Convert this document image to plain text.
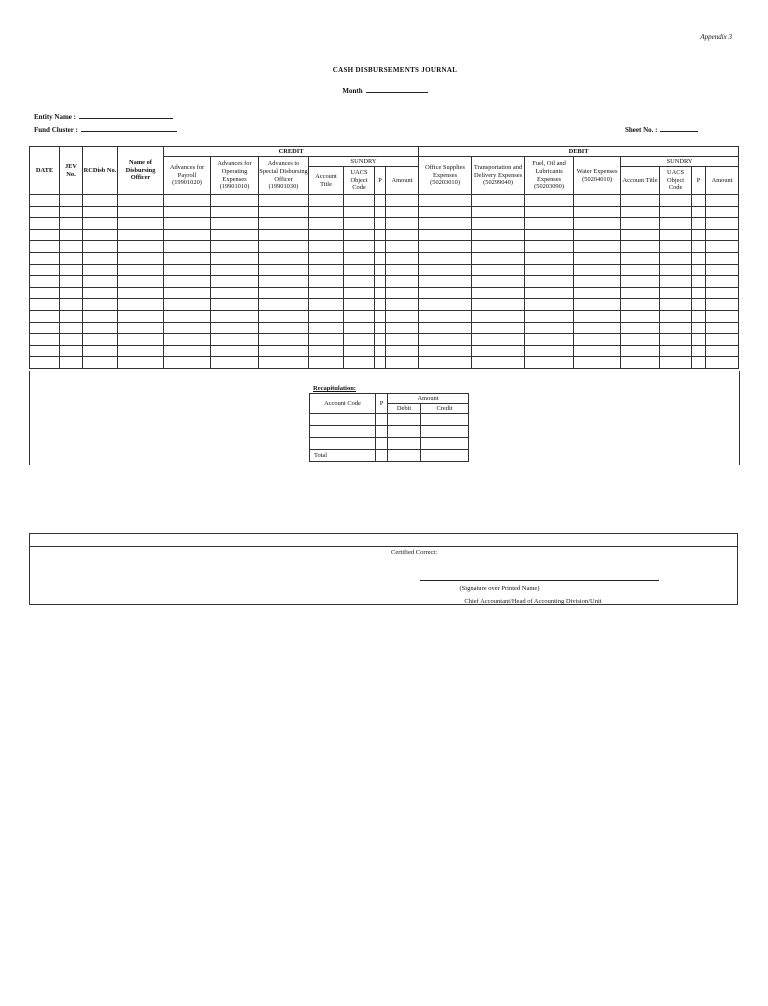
Appendix 3
CASH DISBURSEMENTS JOURNAL
Month
Entity Name :
Fund Cluster :	Sheet No. :
DATE	JEV No.	RCDisb No.	Name of Disbursing Officer	CREDIT							DEBIT							
				Advances for Payroll (19901020)	Advances for Operating Expenses (19901010)	Advances to Special Disbursing Officer (19901030)	SUNDRY				Office Supplies Expenses (50203010)	Transportation and Delivery Expenses (50299040)	Fuel, Oil and Lubricants Expenses (50203090)	Water Expenses (50204010)	SUNDRY			
							Account Title	UACS Object Code	P	Amount					Account Title	UACS Object Code	P	Amount

Recapitulation:
Account Code	P	Amount	
		Debit	Credit

Total			
Certified Correct:
(Signature over Printed Name)
Chief Accountant/Head of Accounting Division/Unit
